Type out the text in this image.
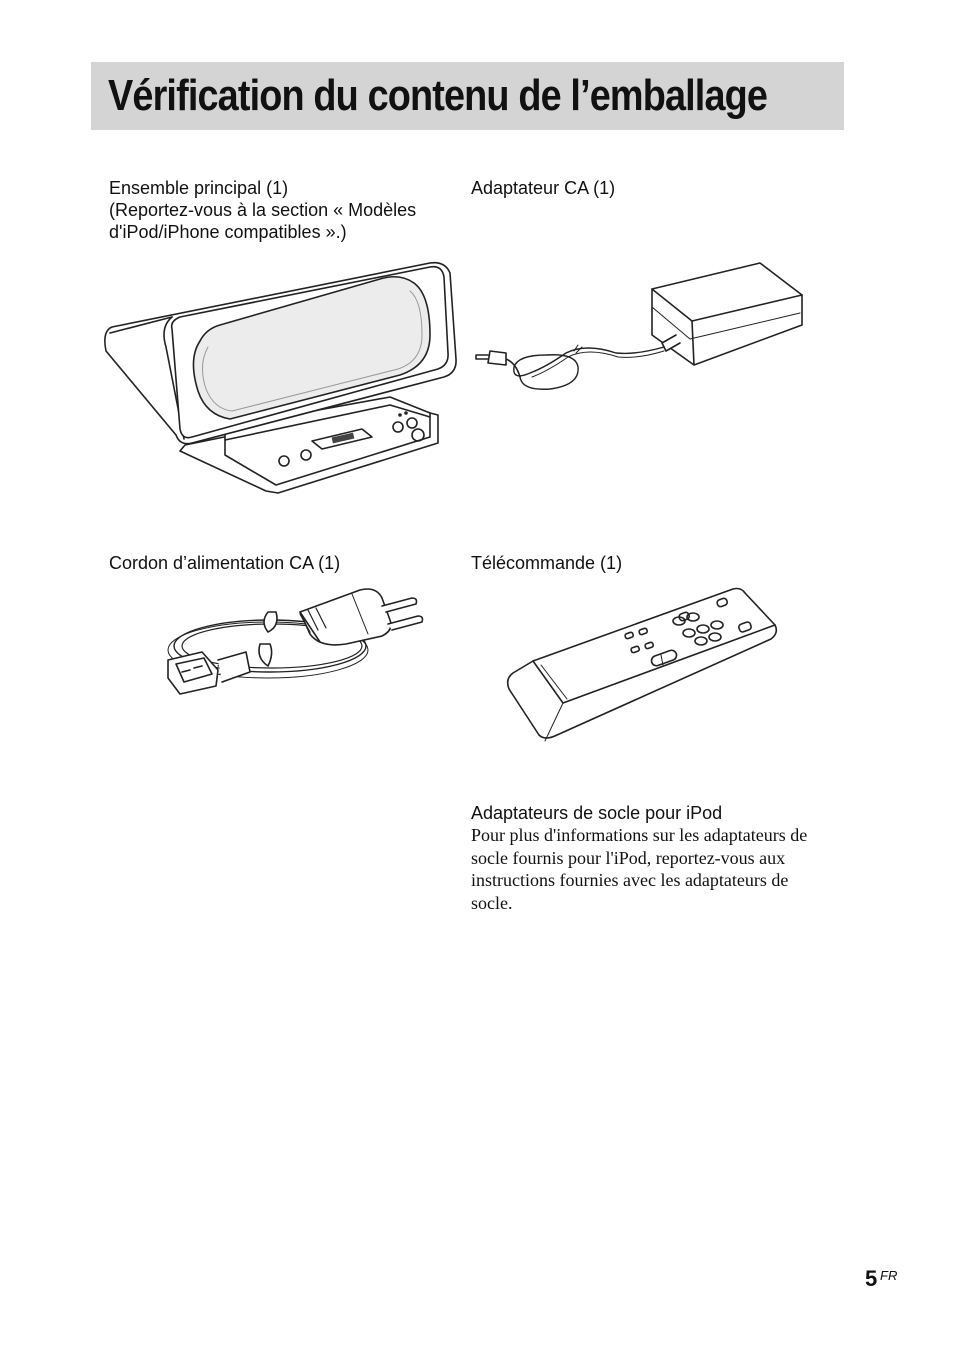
Vérification du contenu de l’emballage
Ensemble principal (1)
(Reportez-vous à la section « Modèles
d'iPod/iPhone compatibles ».)
Adaptateur CA (1)
Cordon d’alimentation CA (1)	Télécommande (1)
Adaptateurs de socle pour iPod
Pour plus d'informations sur les adaptateurs de
socle fournis pour l'iPod, reportez-vous aux
instructions fournies avec les adaptateurs de
socle.
5 FR
